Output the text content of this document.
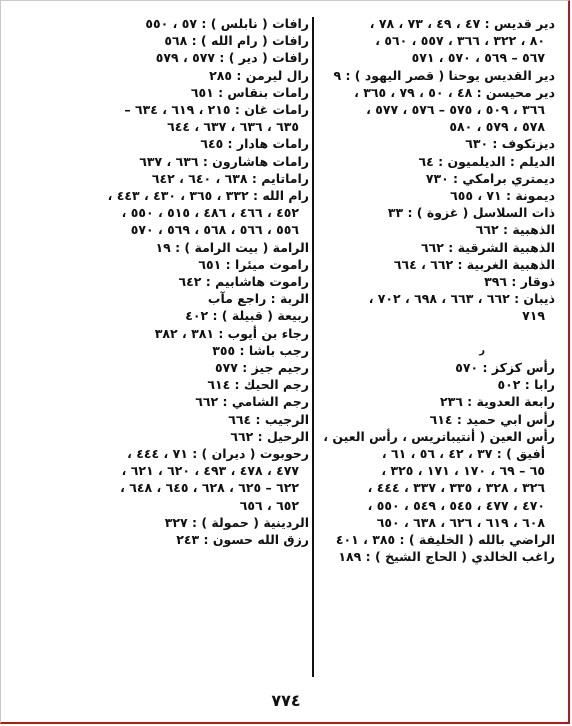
دير قديس : ٤٧ ، ٤٩ ، ٧٣ ، ٧٨ ،
٨٠ ، ٣٢٢ ، ٣٦٦ ، ٥٥٧ ، ٥٦٠ ،
٥٦٧ – ٥٦٩ ، ٥٧٠ ، ٥٧١
دير القديس يوحنا ( قصر اليهود ) : ٩
دير محيسن : ٤٨ ، ٥٠ ، ٧٩ ، ٣٦٥ ،
٣٦٦ ، ٥٠٩ ، ٥٧٥ – ٥٧٦ ، ٥٧٧ ،
٥٧٨ ، ٥٧٩ ، ٥٨٠
ديزنكوف : ٦٣٠
الديلم : الديلميون : ٦٤
ديمتري برامكي : ٧٣٠
ديمونة : ٧١ ، ٦٥٥
ذات السلاسل ( غزوة ) : ٣٣
الذهبية : ٦٦٢
الذهبية الشرقية : ٦٦٢
الذهبية الغربية : ٦٦٢ ، ٦٦٤
ذوقار : ٣٩٦
ذيبان : ٦٦٢ ، ٦٦٣ ، ٦٩٨ ، ٧٠٢ ،
٧١٩
ر
رأس كزكز : ٥٧٠
رابا : ٥٠٢
رابعة العدوية : ٢٣٦
رأس ابي حميد : ٦١٤
رأس العين ( أنتيباتريس ، رأس العين ،
أفيق ) : ٣٧ ، ٤٢ ، ٥٦ ، ٦١ ،
٦٥ – ٦٩ ، ١٧٠ ، ١٧١ ، ٣٢٥ ،
٣٢٦ ، ٣٢٨ ، ٣٣٥ ، ٣٣٧ ، ٤٤٤ ،
٤٧٠ ، ٤٧٧ ، ٥٤٥ ، ٥٤٩ ، ٥٥٠ ،
٦٠٨ ، ٦١٩ ، ٦٢٦ ، ٦٣٨ ، ٦٥٠
الراضي بالله ( الخليفة ) : ٣٨٥ ، ٤٠١
راغب الخالدي ( الحاج الشيخ ) : ١٨٩
رافات ( نابلس ) : ٥٧ ، ٥٥٠
رافات ( رام الله ) : ٥٦٨
رافات ( دير ) : ٥٧٧ ، ٥٧٩
رال ليرمن : ٢٨٥
رامات بنقاس : ٦٥١
رامات غان : ٢١٥ ، ٦١٩ ، ٦٣٤ –
٦٣٥ ، ٦٣٦ ، ٦٣٧ ، ٦٤٤
رامات هادار : ٦٤٥
رامات هاشارون : ٦٣٦ ، ٦٣٧
راماتايم : ٦٣٨ ، ٦٤٠ ، ٦٤٢
رام الله : ٣٣٢ ، ٣٦٥ ، ٤٣٠ ، ٤٤٣ ،
٤٥٢ ، ٤٦٦ ، ٤٨٦ ، ٥١٥ ، ٥٥٠ ،
٥٥٦ ، ٥٦٦ ، ٥٦٨ ، ٥٦٩ ، ٥٧٠
الرامة ( بيت الرامة ) : ١٩
راموت ميئرا : ٦٥١
راموت هاشابيم : ٦٤٢
الربة : راجع مآب
ربيعة ( قبيلة ) : ٤٠٢
رجاء بن أيوب : ٣٨١ ، ٣٨٢
رجب باشا : ٣٥٥
رجيم جيز : ٥٧٧
رجم الحيك : ٦١٤
رجم الشامي : ٦٦٢
الرجيب : ٦٦٤
الرحيل : ٦٦٢
رحوبوت ( ديران ) : ٧١ ، ٤٤٤ ،
٤٧٧ ، ٤٧٨ ، ٤٩٣ ، ٦٢٠ ، ٦٢١ ،
٦٢٢ – ٦٢٥ ، ٦٢٨ ، ٦٤٥ ، ٦٤٨ ،
٦٥٢ ، ٦٥٦
الردينية ( حمولة ) : ٣٢٧
رزق الله حسون : ٢٤٣
٧٧٤
